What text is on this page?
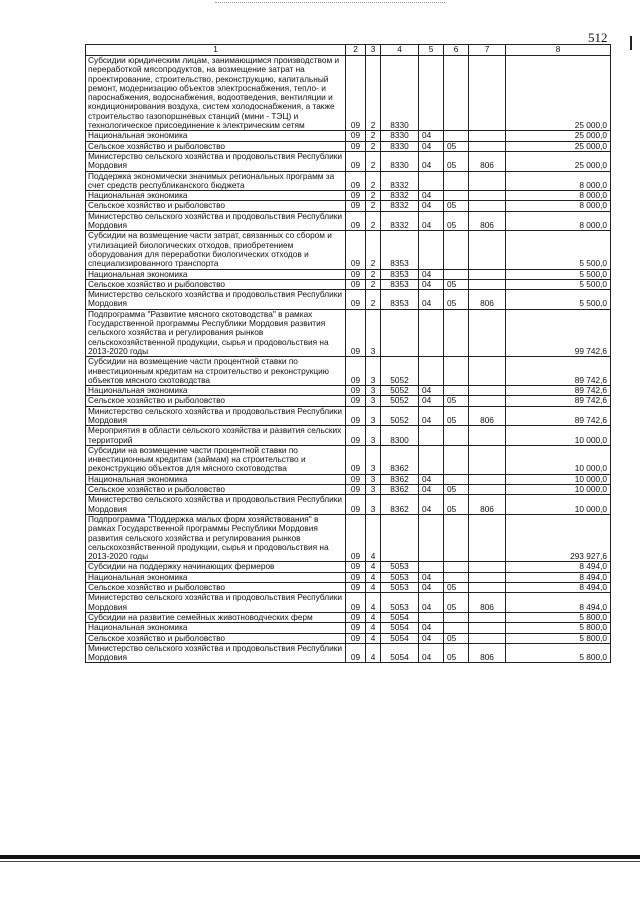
512
1	2	3	4	5	6	7	8
Субсидии юридическим лицам, занимающимся производством и переработкой мясопродуктов, на возмещение затрат на проектирование, строительство, реконструкцию, капитальный ремонт, модернизацию объектов электроснабжения, тепло- и пароснабжения, водоснабжения, водоотведения, вентиляции и кондиционирования воздуха, систем холодоснабжения, а также строительство газопоршневых станций (мини - ТЭЦ) и технологическое присоединение к электрическим сетям	09	2	8330				25 000,0
Национальная экономика	09	2	8330	04			25 000,0
Сельское хозяйство и рыболовство	09	2	8330	04	05		25 000,0
Министерство сельского хозяйства и продовольствия Республики Мордовия	09	2	8330	04	05	806	25 000,0
Поддержка экономически значимых региональных программ за счет средств республиканского бюджета	09	2	8332				8 000,0
Национальная экономика	09	2	8332	04			8 000,0
Сельское хозяйство и рыболовство	09	2	8332	04	05		8 000,0
Министерство сельского хозяйства и продовольствия Республики Мордовия	09	2	8332	04	05	806	8 000,0
Субсидии на возмещение части затрат, связанных со сбором и утилизацией биологических отходов, приобретением оборудования для переработки биологических отходов и специализированного транспорта	09	2	8353				5 500,0
Национальная экономика	09	2	8353	04			5 500,0
Сельское хозяйство и рыболовство	09	2	8353	04	05		5 500,0
Министерство сельского хозяйства и продовольствия Республики Мордовия	09	2	8353	04	05	806	5 500,0
Подпрограмма "Развитие мясного скотоводства" в рамках Государственной программы Республики Мордовия развития сельского хозяйства и регулирования рынков сельскохозяйственной продукции, сырья и продовольствия на 2013-2020 годы	09	3					99 742,6
Субсидии на возмещение части процентной ставки по инвестиционным кредитам на строительство и реконструкцию объектов мясного скотоводства	09	3	5052				89 742,6
Национальная экономика	09	3	5052	04			89 742,6
Сельское хозяйство и рыболовство	09	3	5052	04	05		89 742,6
Министерство сельского хозяйства и продовольствия Республики Мордовия	09	3	5052	04	05	806	89 742,6
Мероприятия в области сельского хозяйства и развития сельских территорий	09	3	8300				10 000,0
Субсидии на возмещение части процентной ставки по инвестиционным кредитам (займам) на строительство и реконструкцию объектов для мясного скотоводства	09	3	8362				10 000,0
Национальная экономика	09	3	8362	04			10 000,0
Сельское хозяйство и рыболовство	09	3	8362	04	05		10 000,0
Министерство сельского хозяйства и продовольствия Республики Мордовия	09	3	8362	04	05	806	10 000,0
Подпрограмма "Поддержка малых форм хозяйствования" в рамках Государственной программы Республики Мордовия развития сельского хозяйства и регулирования рынков сельскохозяйственной продукции, сырья и продовольствия на 2013-2020 годы	09	4					293 927,6
Субсидии на поддержку начинающих фермеров	09	4	5053				8 494,0
Национальная экономика	09	4	5053	04			8 494,0
Сельское хозяйство и рыболовство	09	4	5053	04	05		8 494,0
Министерство сельского хозяйства и продовольствия Республики Мордовия	09	4	5053	04	05	806	8 494,0
Субсидии на развитие семейных животноводческих ферм	09	4	5054				5 800,0
Национальная экономика	09	4	5054	04			5 800,0
Сельское хозяйство и рыболовство	09	4	5054	04	05		5 800,0
Министерство сельского хозяйства и продовольствия Республики Мордовия	09	4	5054	04	05	806	5 800,0
